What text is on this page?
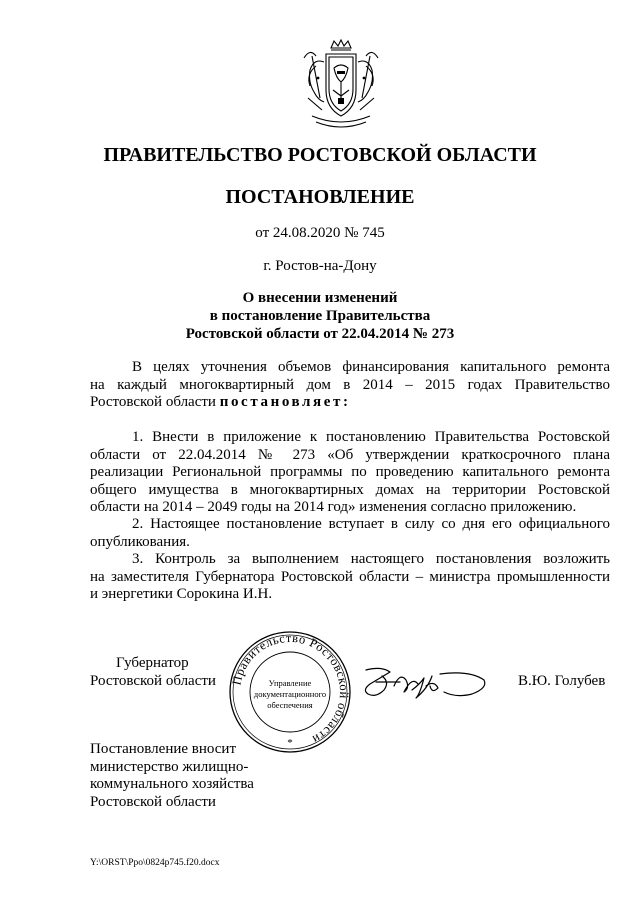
ПРАВИТЕЛЬСТВО РОСТОВСКОЙ ОБЛАСТИ
ПОСТАНОВЛЕНИЕ
от 24.08.2020 № 745
г. Ростов-на-Дону
О внесении изменений
в постановление Правительства
Ростовской области от 22.04.2014 № 273
В целях уточнения объемов финансирования капитального ремонта
на каждый многоквартирный дом в 2014 – 2015 годах Правительство
Ростовской области постановляет:
1. Внести в приложение к постановлению Правительства Ростовской
области от 22.04.2014 № 273 «Об утверждении краткосрочного плана
реализации Региональной программы по проведению капитального ремонта
общего имущества в многоквартирных домах на территории Ростовской
области на 2014 – 2049 годы на 2014 год» изменения согласно приложению.
2. Настоящее постановление вступает в силу со дня его официального
опубликования.
3. Контроль за выполнением настоящего постановления возложить
на заместителя Губернатора Ростовской области – министра промышленности
и энергетики Сорокина И.Н.
Губернатор
Ростовской области Правительство Ростовской области
Управление
документационного
обеспечения
*
В.Ю. Голубев
Постановление вносит
министерство жилищно-
коммунального хозяйства
Ростовской области
Y:\ORST\Ppo\0824p745.f20.docx
